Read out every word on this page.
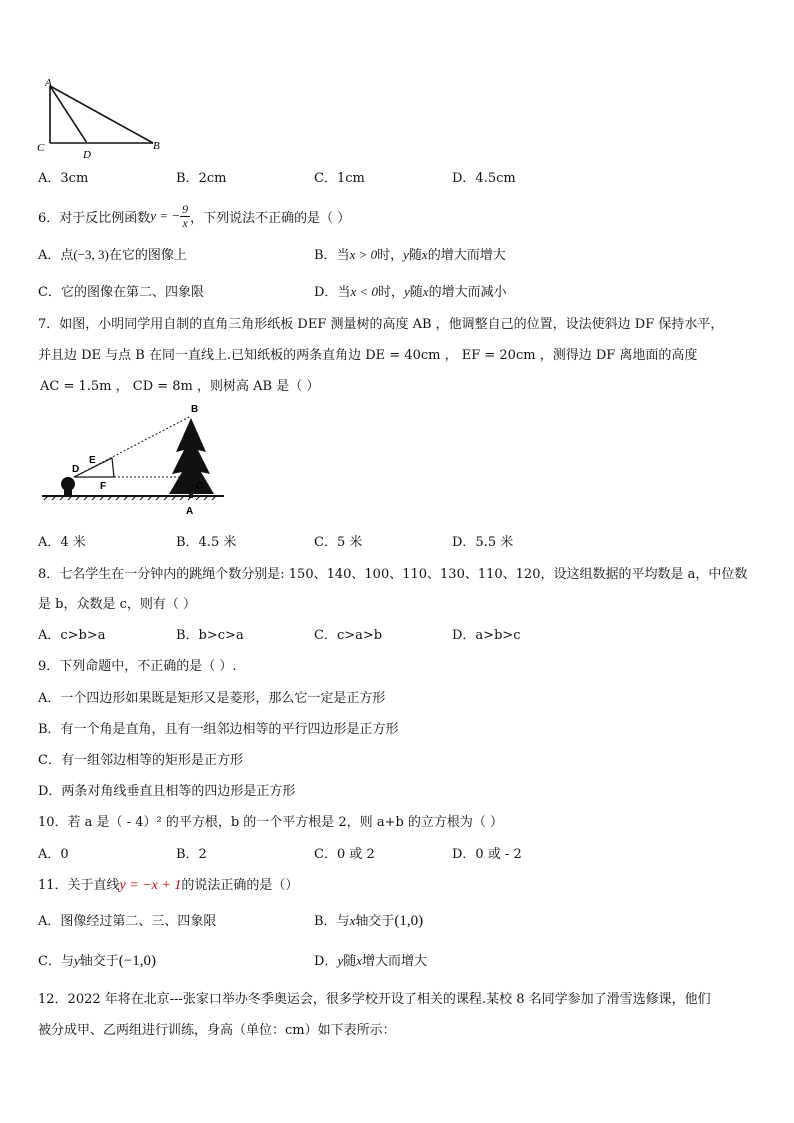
A
C
D
B
A．3cm	B．2cm	C．1cm	D．4.5cm
6．对于反比例函数 y = − $\frac{9}{x}$ ，下列说法不正确的是（ ）
A．点(−3, 3)在它的图像上	B．当x > 0时，y随x的增大而增大
C．它的图像在第二、四象限	D．当x < 0时，y随x的增大而减小
7．如图，小明同学用自制的直角三角形纸板 DEF 测量树的高度 AB ，他调整自己的位置，设法使斜边 DF 保持水平，
并且边 DE 与点 B 在同一直线上.已知纸板的两条直角边 DE = 40cm ， EF = 20cm ，测得边 DF 离地面的高度
AC = 1.5m ， CD = 8m ，则树高 AB 是（ ）
B
C
A
D
E
F
A．4 米	B．4.5 米	C．5 米	D．5.5 米
8．七名学生在一分钟内的跳绳个数分别是: 150、140、100、110、130、110、120，设这组数据的平均数是 a，中位数
是 b，众数是 c，则有（ ）
A．c>b>a	B．b>c>a	C．c>a>b	D．a>b>c
9．下列命题中，不正确的是（ ）.
A．一个四边形如果既是矩形又是菱形，那么它一定是正方形
B．有一个角是直角，且有一组邻边相等的平行四边形是正方形
C．有一组邻边相等的矩形是正方形
D．两条对角线垂直且相等的四边形是正方形
10．若 a 是（ - 4）² 的平方根，b 的一个平方根是 2，则 a+b 的立方根为（ ）
A．0	B．2	C．0 或 2	D．0 或 - 2
11．关于直线y = −x + 1的说法正确的是（）
A．图像经过第二、三、四象限	B．与x轴交于(1,0)
C．与y轴交于(−1,0)	D．y随x增大而增大
12．2022 年将在北京---张家口举办冬季奥运会，很多学校开设了相关的课程.某校 8 名同学参加了滑雪选修课，他们
被分成甲、乙两组进行训练，身高（单位：cm）如下表所示：
